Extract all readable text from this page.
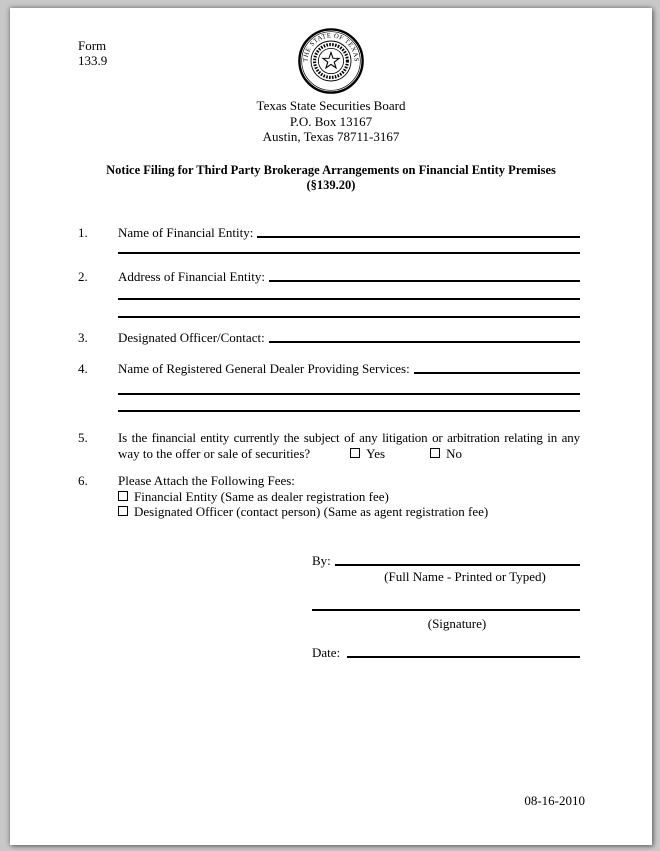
Form
133.9	THE STATE OF TEXAS
Texas State Securities Board
P.O. Box 13167
Austin, Texas 78711-3167
Notice Filing for Third Party Brokerage Arrangements on Financial Entity Premises
(§139.20)
1.	Name of Financial Entity:
2.	Address of Financial Entity:
3.	Designated Officer/Contact:
4.	Name of Registered General Dealer Providing Services:
5.	Is the financial entity currently the subject of any litigation or arbitration relating in any
way to the offer or sale of securities?	Yes	No
6.	Please Attach the Following Fees:
Financial Entity (Same as dealer registration fee)
Designated Officer (contact person) (Same as agent registration fee)
By:
(Full Name - Printed or Typed)
(Signature)
Date:
08-16-2010
